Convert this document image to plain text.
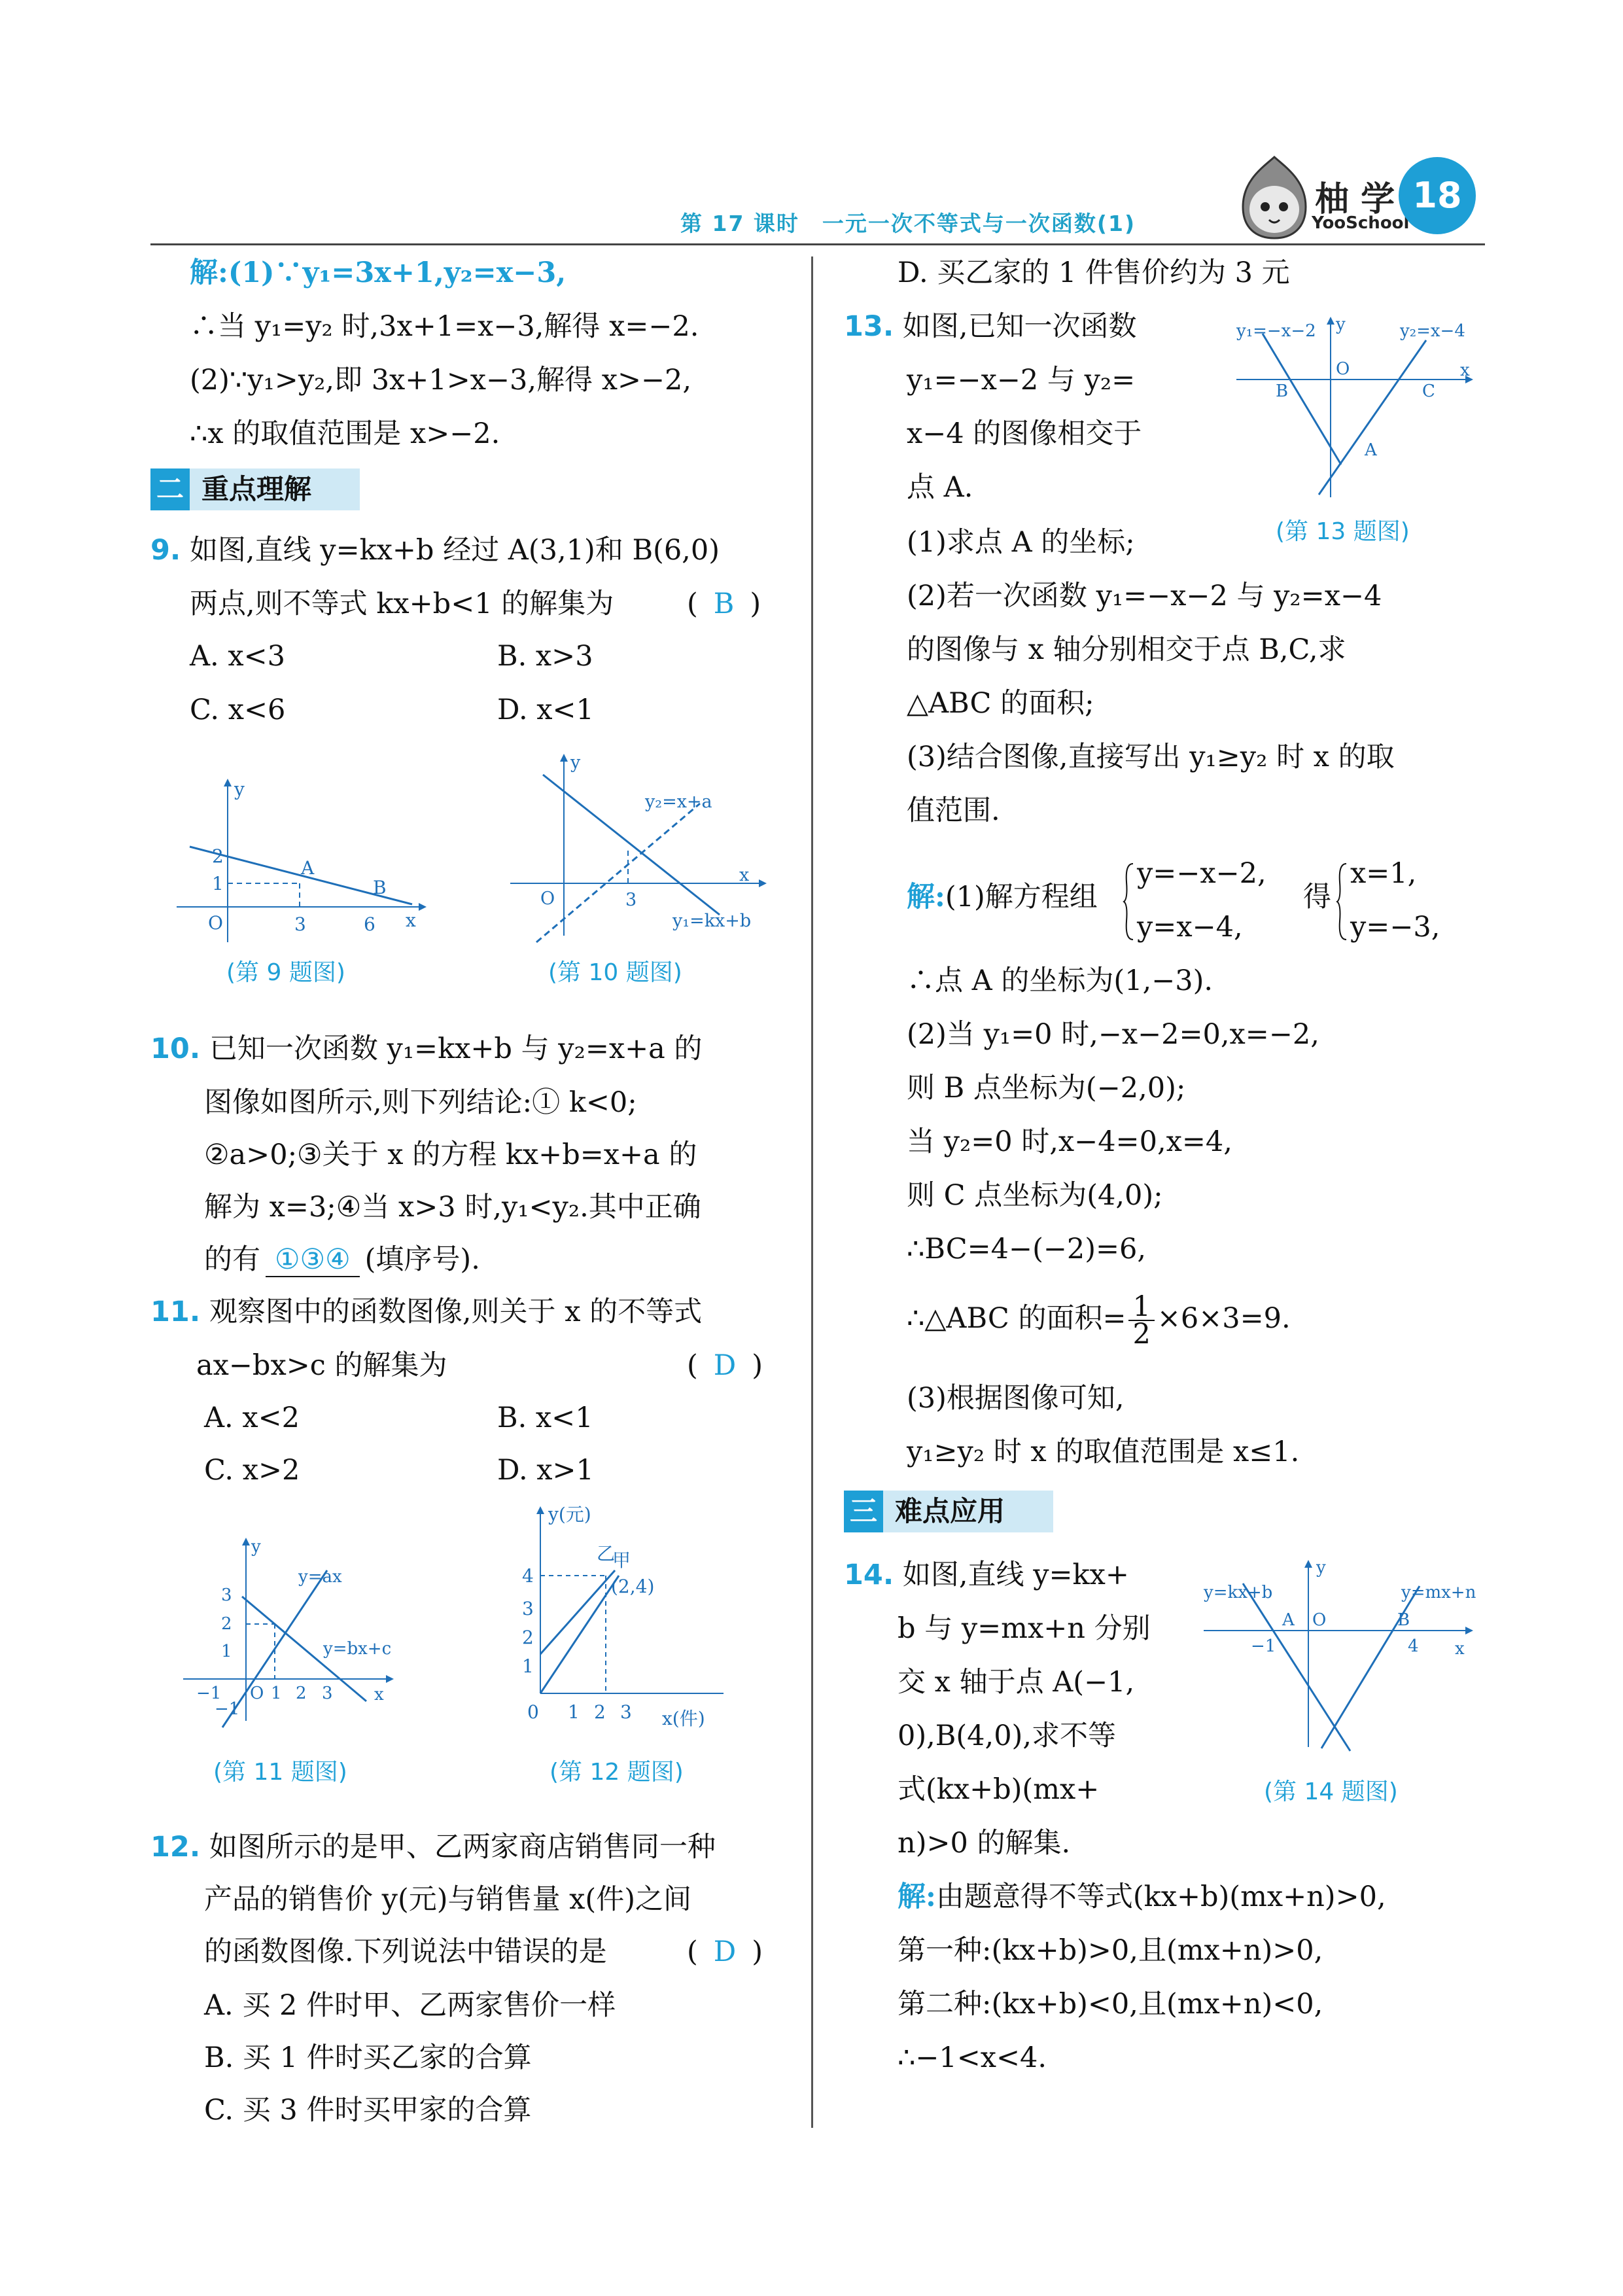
第 17 课时　一元一次不等式与一次函数(1)
柚 学
YooSchool
18
解:(1)∵y₁=3x+1,y₂=x−3,
∴当 y₁=y₂ 时,3x+1=x−3,解得 x=−2.
(2)∵y₁>y₂,即 3x+1>x−3,解得 x>−2,
∴x 的取值范围是 x>−2.
二 重点理解
9. 如图,直线 y=kx+b 经过 A(3,1)和 B(6,0)
两点,则不等式 kx+b<1 的解集为	( B )
A. x<3	B. x>3
C. x<6	D. x<1
y
x
O
2
1
3	6
A
B
(第 9 题图)
y
x
O	3
y₂=x+a
y₁=kx+b
(第 10 题图)
10. 已知一次函数 y₁=kx+b 与 y₂=x+a 的
图像如图所示,则下列结论:① k<0;
②a>0;③关于 x 的方程 kx+b=x+a 的
解为 x=3;④当 x>3 时,y₁<y₂.其中正确
的有 ①③④ (填序号).
11. 观察图中的函数图像,则关于 x 的不等式
ax−bx>c 的解集为	( D )
A. x<2	B. x<1
C. x>2	D. x>1
y
x
O
y=ax
y=bx+c
3
2
1
−1
1 2 3
−1
(第 11 题图)
y(元)
x(件)
0
乙
甲
(2,4)
1
2
3
4
1 2 3
(第 12 题图)
12. 如图所示的是甲、乙两家商店销售同一种
产品的销售价 y(元)与销售量 x(件)之间
的函数图像.下列说法中错误的是	( D )
A. 买 2 件时甲、乙两家售价一样
B. 买 1 件时买乙家的合算
C. 买 3 件时买甲家的合算
D. 买乙家的 1 件售价约为 3 元
13. 如图,已知一次函数
y₁=−x−2 与 y₂=
x−4 的图像相交于
点 A.
y₁=−x−2	y₂=x−4
y
x
O
B	C
A
(第 13 题图)
(1)求点 A 的坐标;
(2)若一次函数 y₁=−x−2 与 y₂=x−4
的图像与 x 轴分别相交于点 B,C,求
△ABC 的面积;
(3)结合图像,直接写出 y₁≥y₂ 时 x 的取
值范围.
解:(1)解方程组
y=−x−2,
y=x−4,
得
x=1,
y=−3,
∴点 A 的坐标为(1,−3).
(2)当 y₁=0 时,−x−2=0,x=−2,
则 B 点坐标为(−2,0);
当 y₂=0 时,x−4=0,x=4,
则 C 点坐标为(4,0);
∴BC=4−(−2)=6,
∴△ABC 的面积= $\frac{1}{2} \times 6\times 3=9$.
(3)根据图像可知,
y₁≥y₂ 时 x 的取值范围是 x≤1.
三 难点应用
14. 如图,直线 y=kx+
b 与 y=mx+n 分别
交 x 轴于点 A(−1,
0),B(4,0),求不等
式(kx+b)(mx+
n)>0 的解集.
y=kx+b	y=mx+n
y
x
O
A	B
−1	4
(第 14 题图)
解:由题意得不等式(kx+b)(mx+n)>0,
第一种:(kx+b)>0,且(mx+n)>0,
第二种:(kx+b)<0,且(mx+n)<0,
∴−1<x<4.
